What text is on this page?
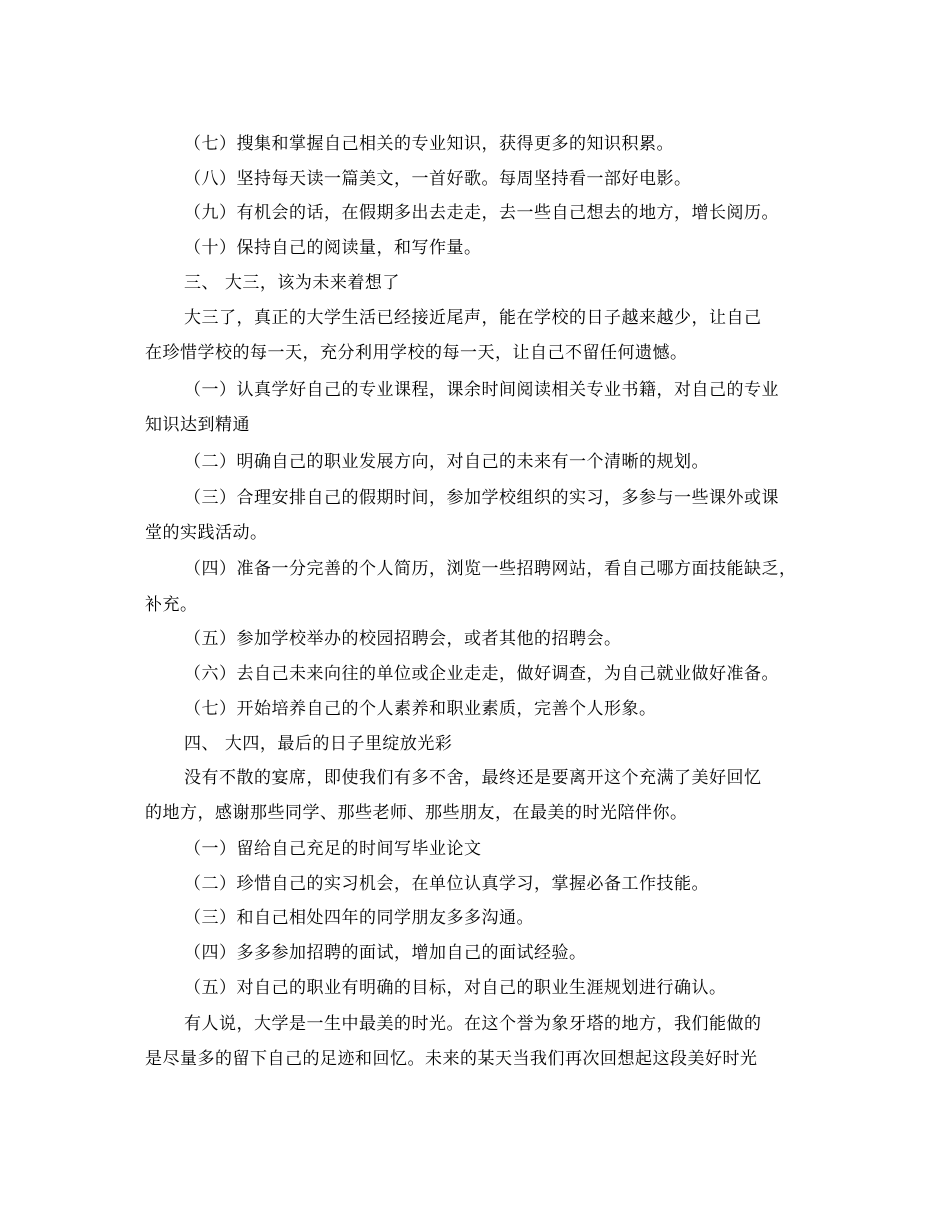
（七）搜集和掌握自己相关的专业知识，获得更多的知识积累。
（八）坚持每天读一篇美文，一首好歌。每周坚持看一部好电影。
（九）有机会的话，在假期多出去走走，去一些自己想去的地方，增长阅历。
（十）保持自己的阅读量，和写作量。
三、 大三，该为未来着想了
大三了，真正的大学生活已经接近尾声，能在学校的日子越来越少，让自己
在珍惜学校的每一天，充分利用学校的每一天，让自己不留任何遗憾。
（一）认真学好自己的专业课程，课余时间阅读相关专业书籍，对自己的专业
知识达到精通
（二）明确自己的职业发展方向，对自己的未来有一个清晰的规划。
（三）合理安排自己的假期时间，参加学校组织的实习，多参与一些课外或课
堂的实践活动。
（四）准备一分完善的个人简历，浏览一些招聘网站，看自己哪方面技能缺乏，
补充。
（五）参加学校举办的校园招聘会，或者其他的招聘会。
（六）去自己未来向往的单位或企业走走，做好调查，为自己就业做好准备。
（七）开始培养自己的个人素养和职业素质，完善个人形象。
四、 大四，最后的日子里绽放光彩
没有不散的宴席，即使我们有多不舍，最终还是要离开这个充满了美好回忆
的地方，感谢那些同学、那些老师、那些朋友，在最美的时光陪伴你。
（一）留给自己充足的时间写毕业论文
（二）珍惜自己的实习机会，在单位认真学习，掌握必备工作技能。
（三）和自己相处四年的同学朋友多多沟通。
（四）多多参加招聘的面试，增加自己的面试经验。
（五）对自己的职业有明确的目标，对自己的职业生涯规划进行确认。
有人说，大学是一生中最美的时光。在这个誉为象牙塔的地方，我们能做的
是尽量多的留下自己的足迹和回忆。未来的某天当我们再次回想起这段美好时光
